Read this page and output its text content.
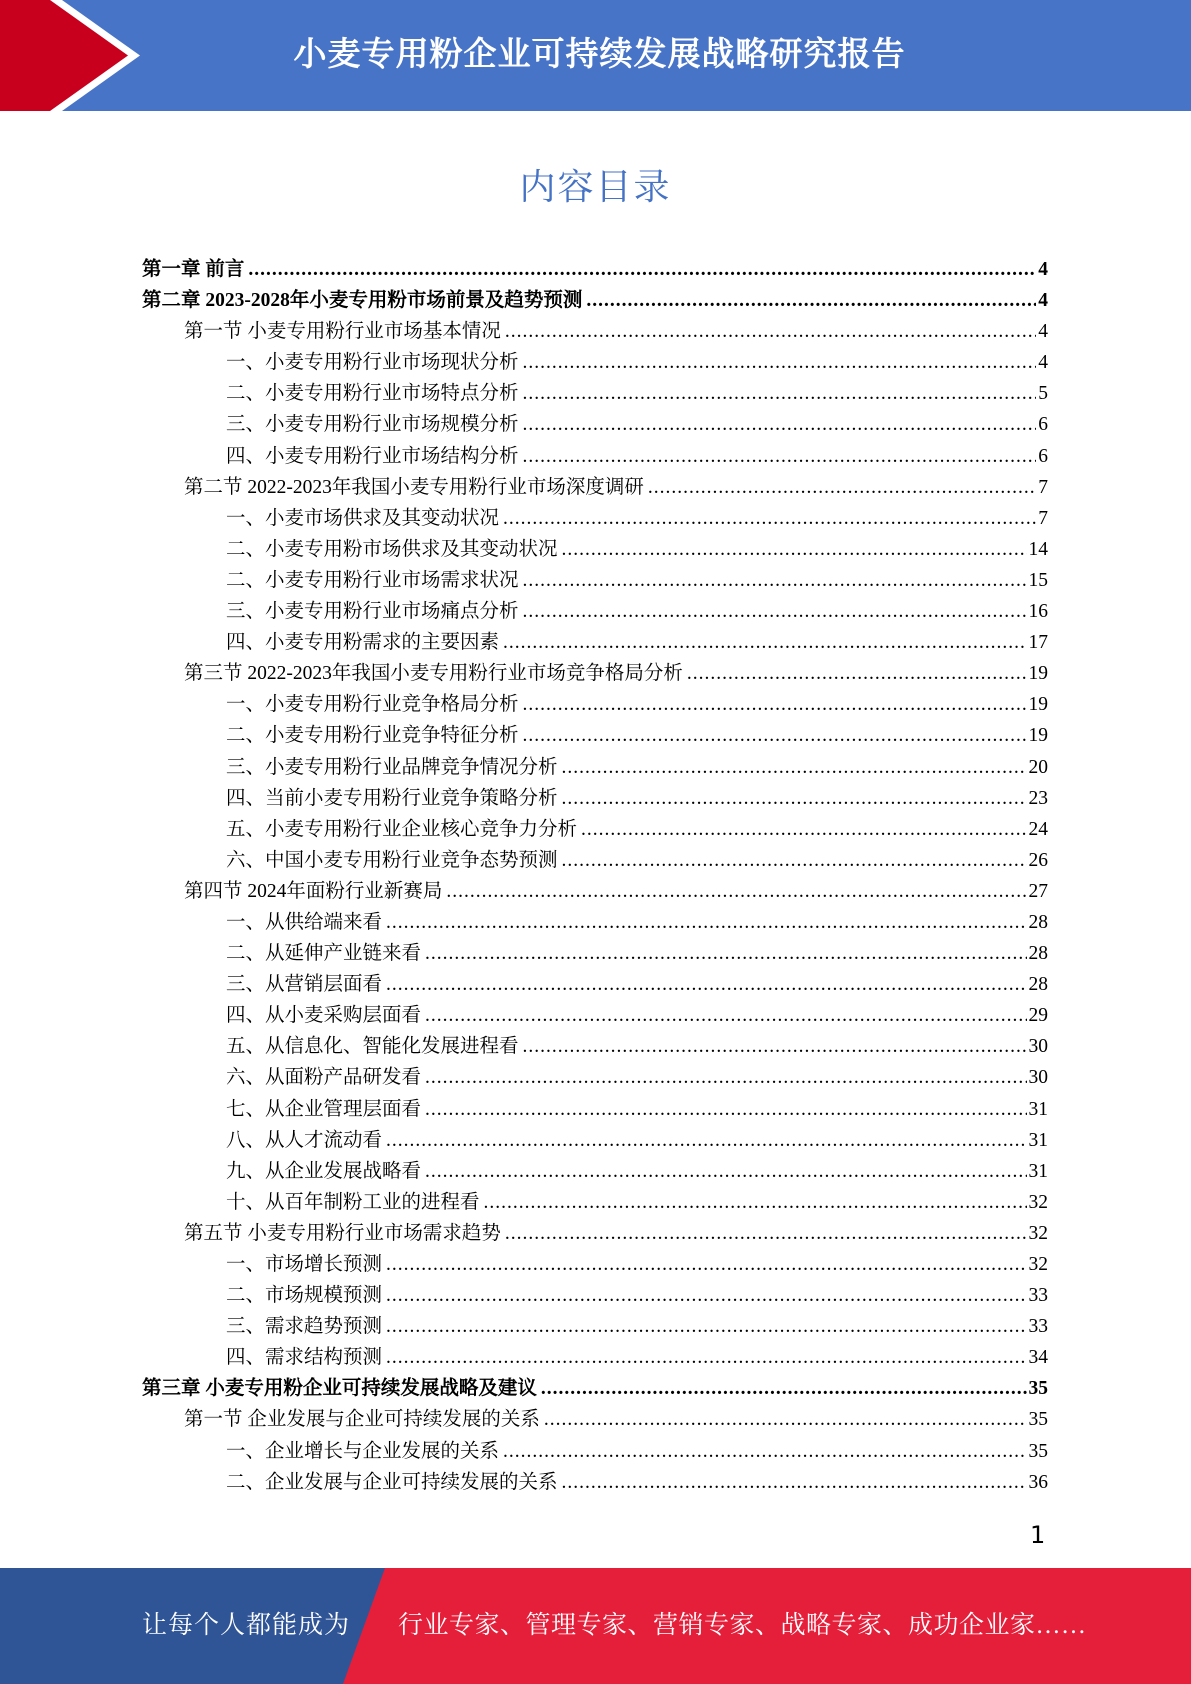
小麦专用粉企业可持续发展战略研究报告
内容目录
第一章 前言 .....	4
第二章 2023-2028年小麦专用粉市场前景及趋势预测 .....	4
第一节 小麦专用粉行业市场基本情况 .....	4
一、小麦专用粉行业市场现状分析 .....	4
二、小麦专用粉行业市场特点分析 .....	5
三、小麦专用粉行业市场规模分析 .....	6
四、小麦专用粉行业市场结构分析 .....	6
第二节 2022-2023年我国小麦专用粉行业市场深度调研 .....	7
一、小麦市场供求及其变动状况 .....	7
二、小麦专用粉市场供求及其变动状况 .....	14
二、小麦专用粉行业市场需求状况 .....	15
三、小麦专用粉行业市场痛点分析 .....	16
四、小麦专用粉需求的主要因素 .....	17
第三节 2022-2023年我国小麦专用粉行业市场竞争格局分析 .....	19
一、小麦专用粉行业竞争格局分析 .....	19
二、小麦专用粉行业竞争特征分析 .....	19
三、小麦专用粉行业品牌竞争情况分析 .....	20
四、当前小麦专用粉行业竞争策略分析 .....	23
五、小麦专用粉行业企业核心竞争力分析 .....	24
六、中国小麦专用粉行业竞争态势预测 .....	26
第四节 2024年面粉行业新赛局 .....	27
一、从供给端来看 .....	28
二、从延伸产业链来看 .....	28
三、从营销层面看 .....	28
四、从小麦采购层面看 .....	29
五、从信息化、智能化发展进程看 .....	30
六、从面粉产品研发看 .....	30
七、从企业管理层面看 .....	31
八、从人才流动看 .....	31
九、从企业发展战略看 .....	31
十、从百年制粉工业的进程看 .....	32
第五节 小麦专用粉行业市场需求趋势 .....	32
一、市场增长预测 .....	32
二、市场规模预测 .....	33
三、需求趋势预测 .....	33
四、需求结构预测 .....	34
第三章 小麦专用粉企业可持续发展战略及建议 .....	35
第一节 企业发展与企业可持续发展的关系 .....	35
一、企业增长与企业发展的关系 .....	35
二、企业发展与企业可持续发展的关系 .....	36
1
让每个人都能成为 行业专家、管理专家、营销专家、战略专家、成功企业家……
